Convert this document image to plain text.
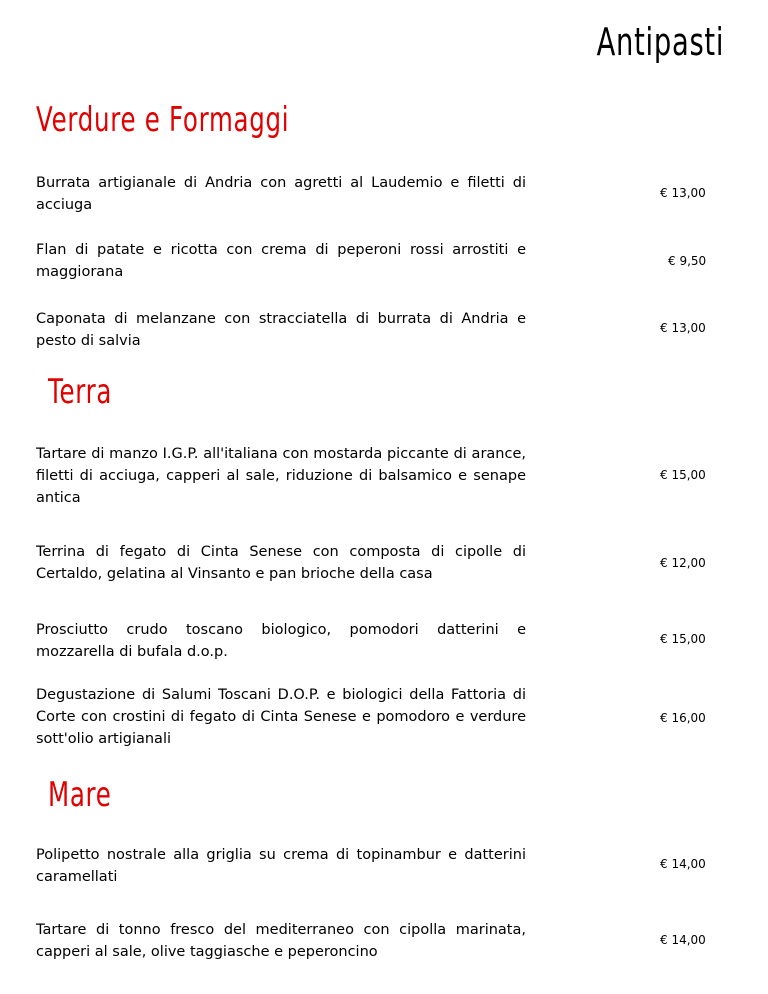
Antipasti
Verdure e Formaggi

Burrata artigianale di Andria con agretti al Laudemio e filetti di acciuga

€ 13,00

Flan di patate e ricotta con crema di peperoni rossi arrostiti e maggiorana

€ 9,50

Caponata di melanzane con stracciatella di burrata di Andria e pesto di salvia

€ 13,00

Terra

Tartare di manzo I.G.P. all'italiana con mostarda piccante di arance, filetti di acciuga, capperi al sale, riduzione di balsamico e senape antica

€ 15,00

Terrina di fegato di Cinta Senese con composta di cipolle di Certaldo, gelatina al Vinsanto e pan brioche della casa

€ 12,00

Prosciutto crudo toscano biologico, pomodori datterini e mozzarella di bufala d.o.p.

€ 15,00

Degustazione di Salumi Toscani D.O.P. e biologici della Fattoria di Corte con crostini di fegato di Cinta Senese e pomodoro e verdure sott'olio artigianali

€ 16,00

Mare

Polipetto nostrale alla griglia su crema di topinambur e datterini caramellati

€ 14,00

Tartare di tonno fresco del mediterraneo con cipolla marinata, capperi al sale, olive taggiasche e peperoncino

€ 14,00
